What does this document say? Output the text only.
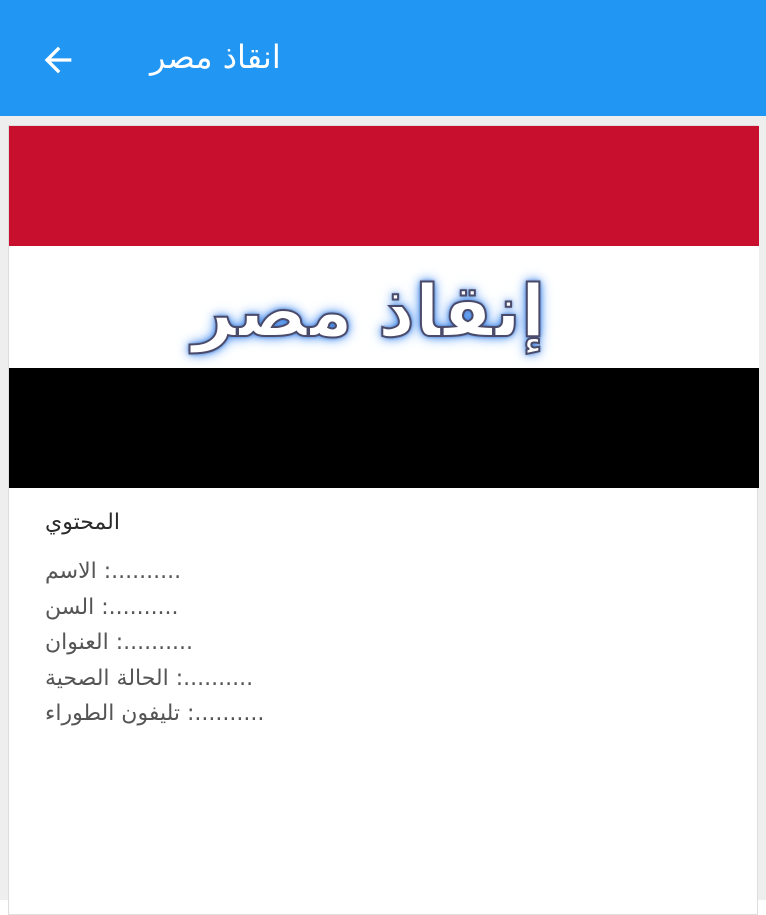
انقاذ مصر
إنقاذ مصر
المحتوي
الاسم :..........
السن :..........
العنوان :..........
الحالة الصحية :..........
تليفون الطوراء :..........
